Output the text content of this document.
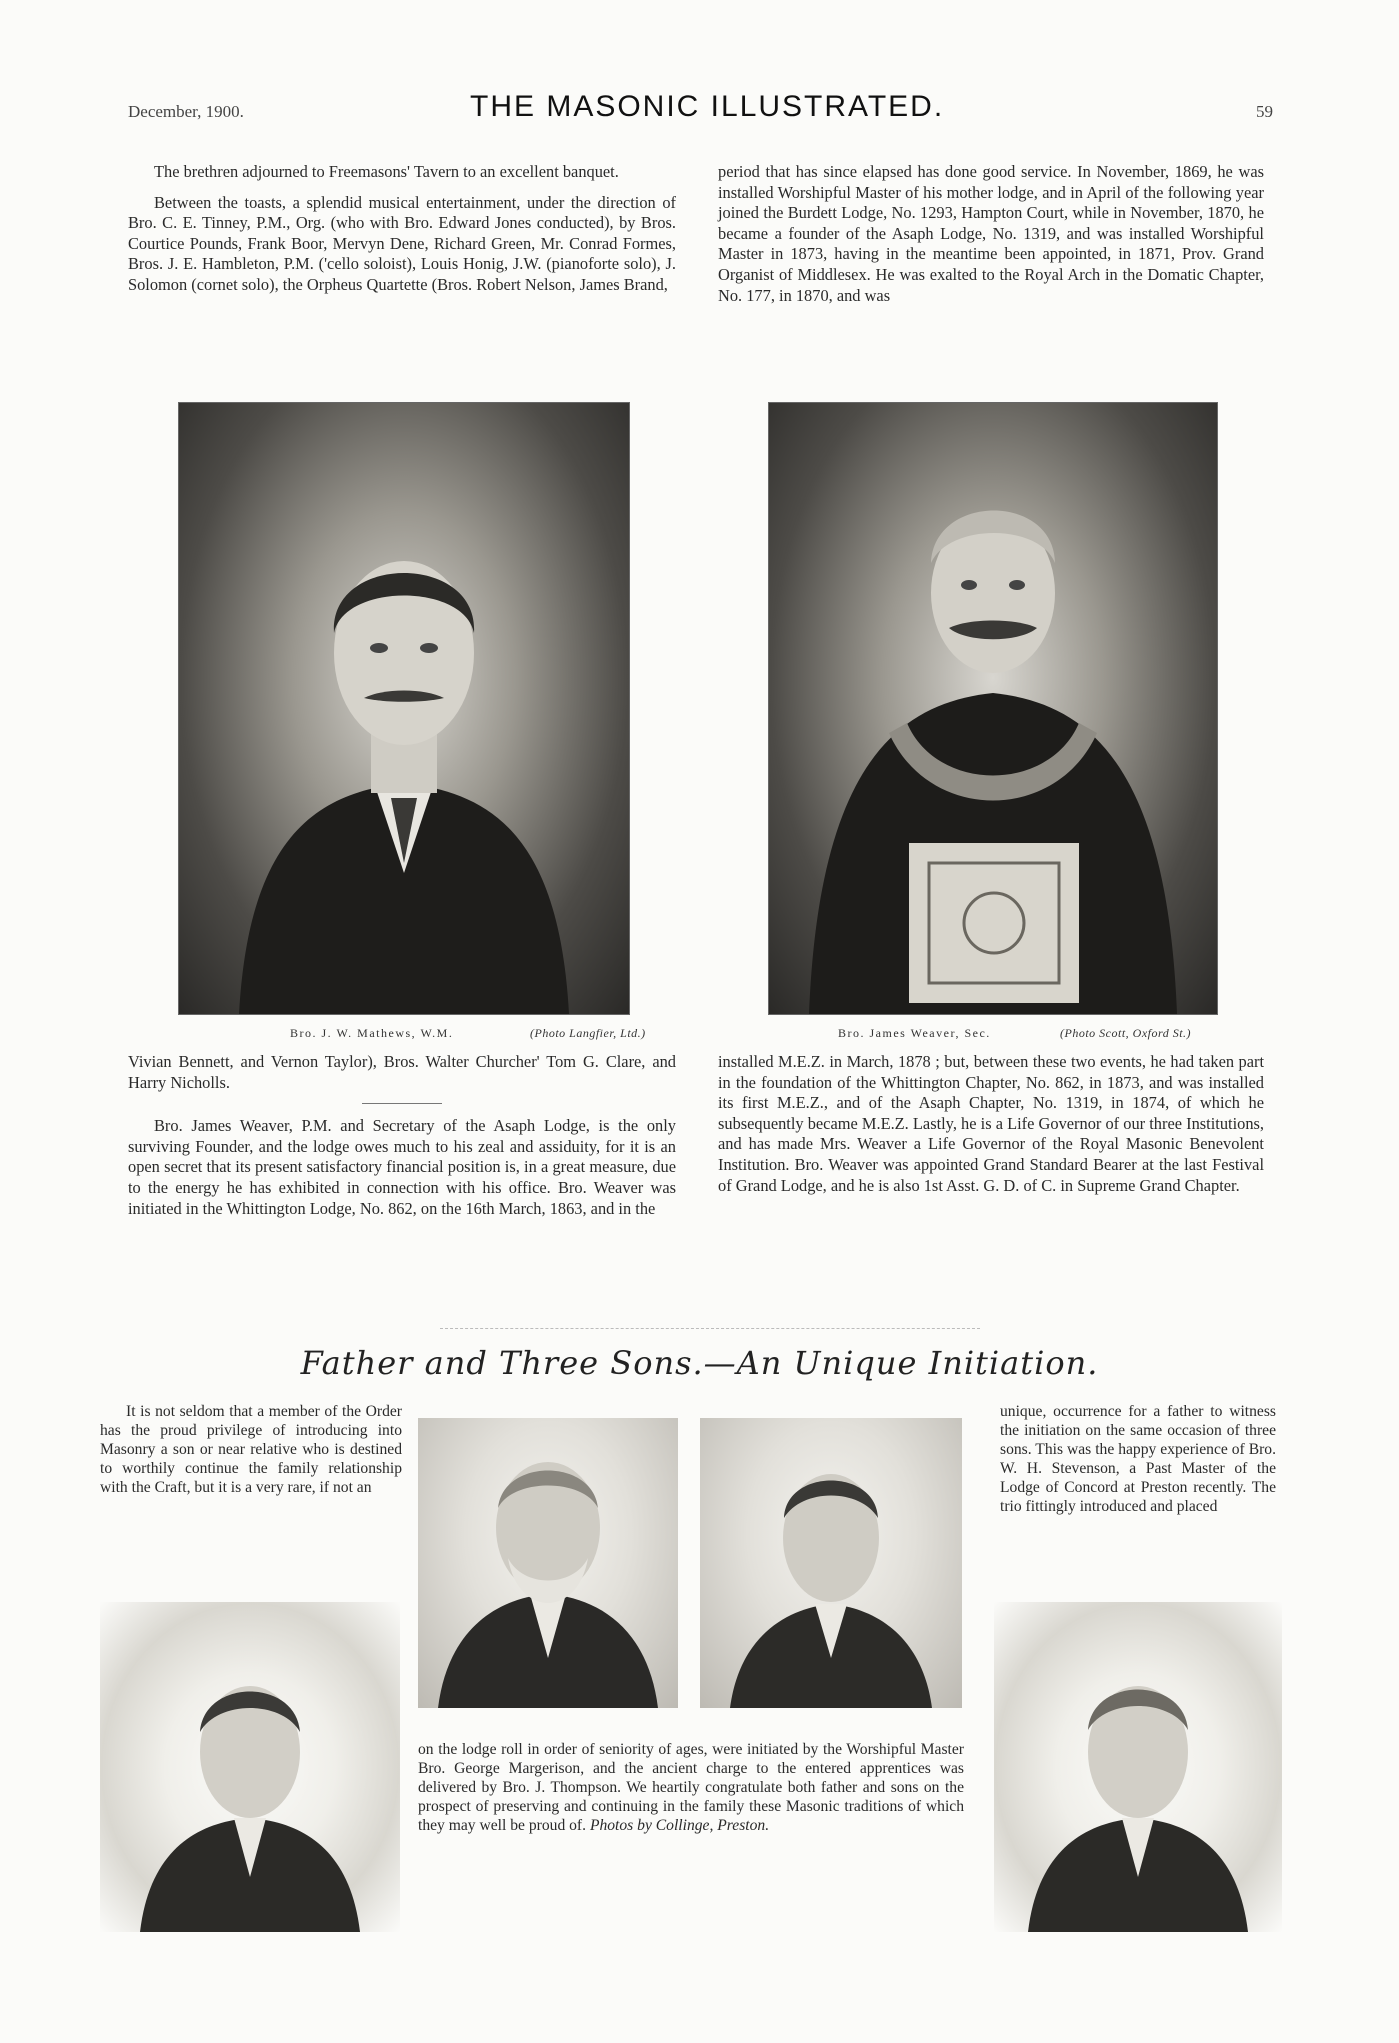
December, 1900.	THE MASONIC ILLUSTRATED.	59

The brethren adjourned to Freemasons' Tavern to an excellent banquet.

Between the toasts, a splendid musical entertainment, under the direction of Bro. C. E. Tinney, P.M., Org. (who with Bro. Edward Jones conducted), by Bros. Courtice Pounds, Frank Boor, Mervyn Dene, Richard Green, Mr. Conrad Formes, Bros. J. E. Hambleton, P.M. ('cello soloist), Louis Honig, J.W. (pianoforte solo), J. Solomon (cornet solo), the Orpheus Quartette (Bros. Robert Nelson, James Brand,

period that has since elapsed has done good service. In November, 1869, he was installed Worshipful Master of his mother lodge, and in April of the following year joined the Burdett Lodge, No. 1293, Hampton Court, while in November, 1870, he became a founder of the Asaph Lodge, No. 1319, and was installed Worshipful Master in 1873, having in the meantime been appointed, in 1871, Prov. Grand Organist of Middlesex. He was exalted to the Royal Arch in the Domatic Chapter, No. 177, in 1870, and was

Bro. J. W. Mathews, W.M.	(Photo Langfier, Ltd.)	Bro. James Weaver, Sec.	(Photo Scott, Oxford St.)

Vivian Bennett, and Vernon Taylor), Bros. Walter Churcher' Tom G. Clare, and Harry Nicholls.

Bro. James Weaver, P.M. and Secretary of the Asaph Lodge, is the only surviving Founder, and the lodge owes much to his zeal and assiduity, for it is an open secret that its present satisfactory financial position is, in a great measure, due to the energy he has exhibited in connection with his office. Bro. Weaver was initiated in the Whittington Lodge, No. 862, on the 16th March, 1863, and in the

installed M.E.Z. in March, 1878 ; but, between these two events, he had taken part in the foundation of the Whittington Chapter, No. 862, in 1873, and was installed its first M.E.Z., and of the Asaph Chapter, No. 1319, in 1874, of which he subsequently became M.E.Z. Lastly, he is a Life Governor of our three Institutions, and has made Mrs. Weaver a Life Governor of the Royal Masonic Benevolent Institution. Bro. Weaver was appointed Grand Standard Bearer at the last Festival of Grand Lodge, and he is also 1st Asst. G. D. of C. in Supreme Grand Chapter.

Father and Three Sons.—An Unique Initiation.

It is not seldom that a member of the Order has the proud privilege of introducing into Masonry a son or near relative who is destined to worthily continue the family relationship with the Craft, but it is a very rare, if not an

unique, occurrence for a father to witness the initiation on the same occasion of three sons. This was the happy experience of Bro. W. H. Stevenson, a Past Master of the Lodge of Concord at Preston recently. The trio fittingly introduced and placed

on the lodge roll in order of seniority of ages, were initiated by the Worshipful Master Bro. George Margerison, and the ancient charge to the entered apprentices was delivered by Bro. J. Thompson. We heartily congratulate both father and sons on the prospect of preserving and continuing in the family these Masonic traditions of which they may well be proud of. Photos by Collinge, Preston.
